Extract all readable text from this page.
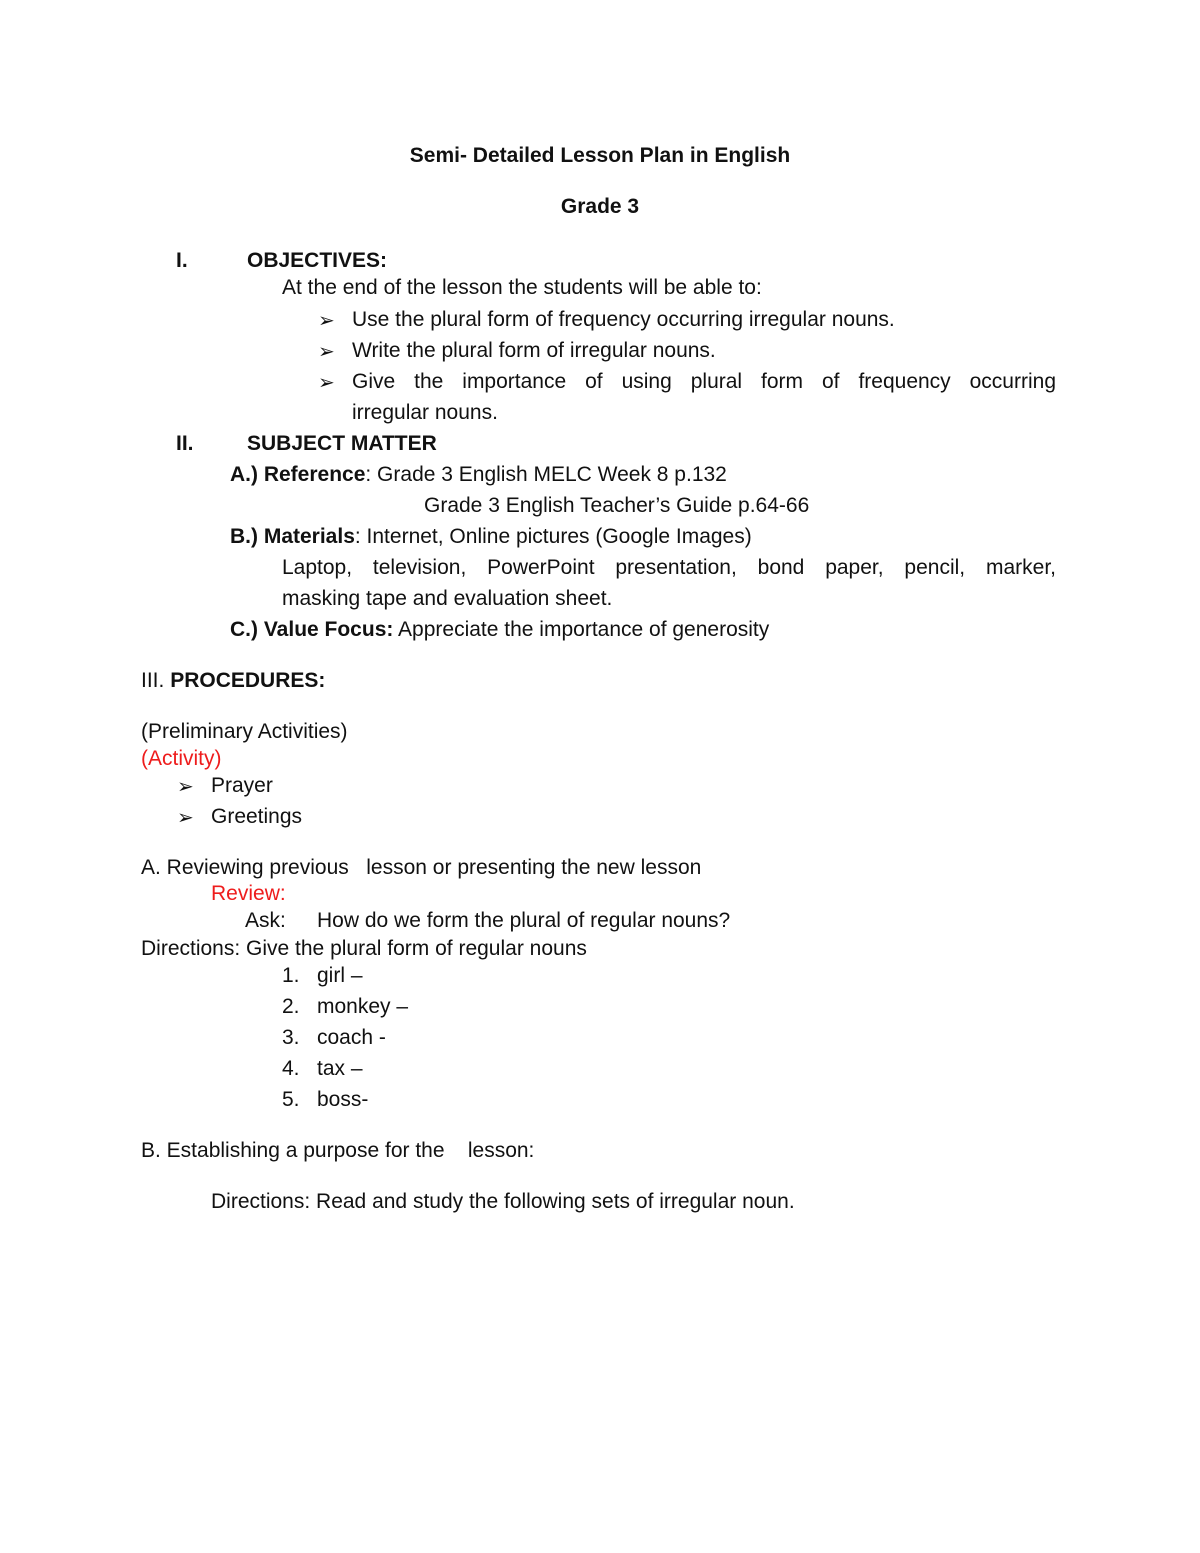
Semi- Detailed Lesson Plan in English
Grade 3
I.	OBJECTIVES:
At the end of the lesson the students will be able to:
➢ Use the plural form of frequency occurring irregular nouns.
➢ Write the plural form of irregular nouns.
➢ Give the importance of using plural form of frequency occurring
irregular nouns.
II.	SUBJECT MATTER
A.) Reference: Grade 3 English MELC Week 8 p.132
Grade 3 English Teacher’s Guide p.64-66
B.) Materials: Internet, Online pictures (Google Images)
Laptop, television, PowerPoint presentation, bond paper, pencil, marker,
masking tape and evaluation sheet.
C.) Value Focus: Appreciate the importance of generosity
III. PROCEDURES:
(Preliminary Activities)
(Activity)
➢ Prayer
➢ Greetings
A. Reviewing previous   lesson or presenting the new lesson
Review:
Ask: How do we form the plural of regular nouns?
Directions: Give the plural form of regular nouns
1. girl –
2. monkey –
3. coach -
4. tax –
5. boss-
B. Establishing a purpose for the    lesson:
Directions: Read and study the following sets of irregular noun.
